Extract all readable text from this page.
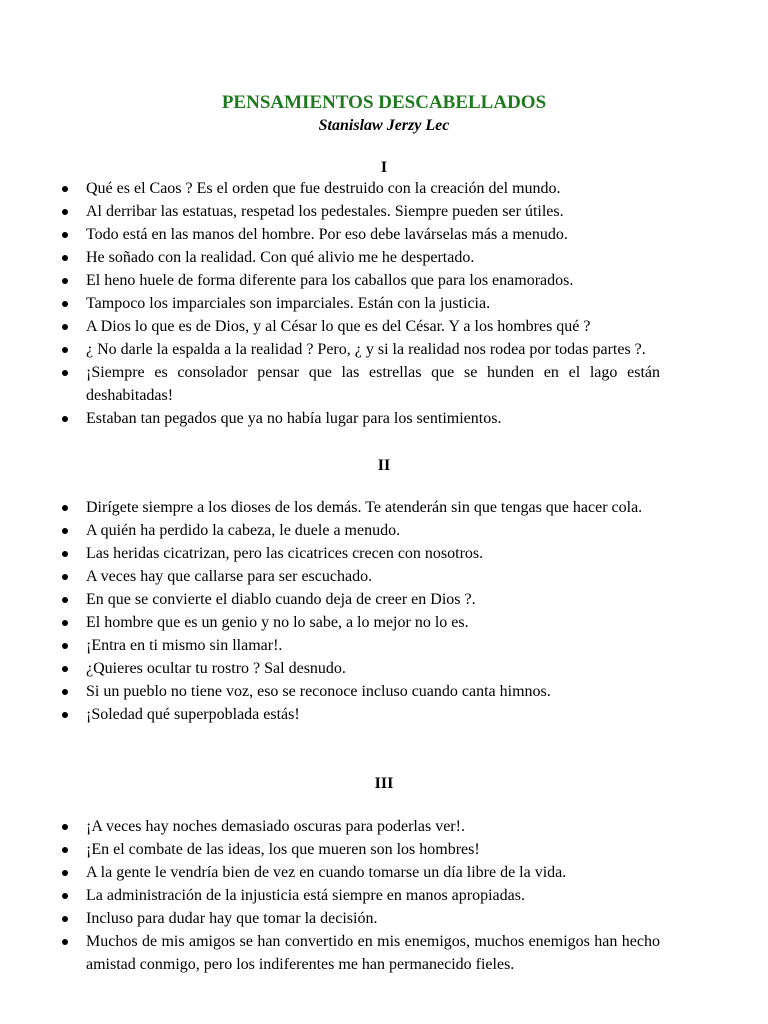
PENSAMIENTOS DESCABELLADOS
Stanislaw Jerzy Lec
I
Qué es el Caos ? Es el orden que fue destruido con la creación del mundo.
Al derribar las estatuas, respetad los pedestales. Siempre pueden ser útiles.
Todo está en las manos del hombre. Por eso debe lavárselas más a menudo.
He soñado con la realidad. Con qué alivio me he despertado.
El heno huele de forma diferente para los caballos que para los enamorados.
Tampoco los imparciales son imparciales. Están con la justicia.
A Dios lo que es de Dios, y al César lo que es del César. Y a los hombres qué ?
¿ No darle la espalda a la realidad ? Pero, ¿ y si la realidad nos rodea por todas partes ?.
¡Siempre es consolador pensar que las estrellas que se hunden en el lago están deshabitadas!
Estaban tan pegados que ya no había lugar para los sentimientos.
II
Dirígete siempre a los dioses de los demás. Te atenderán sin que tengas que hacer cola.
A quién ha perdido la cabeza, le duele a menudo.
Las heridas cicatrizan, pero las cicatrices crecen con nosotros.
A veces hay que callarse para ser escuchado.
En que se convierte el diablo cuando deja de creer en Dios ?.
El hombre que es un genio y no lo sabe, a lo mejor no lo es.
¡Entra en ti mismo sin llamar!.
¿Quieres ocultar tu rostro ? Sal desnudo.
Si un pueblo no tiene voz, eso se reconoce incluso cuando canta himnos.
¡Soledad qué superpoblada estás!
III
¡A veces hay noches demasiado oscuras para poderlas ver!.
¡En el combate de las ideas, los que mueren son los hombres!
A la gente le vendría bien de vez en cuando tomarse un día libre de la vida.
La administración de la injusticia está siempre en manos apropiadas.
Incluso para dudar hay que tomar la decisión.
Muchos de mis amigos se han convertido en mis enemigos, muchos enemigos han hecho amistad conmigo, pero los indiferentes me han permanecido fieles.
